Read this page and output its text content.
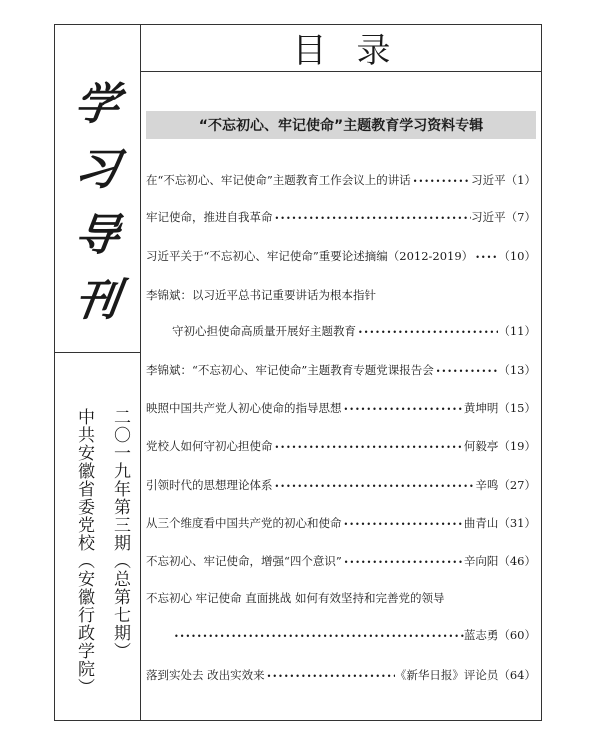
目录
学
习
导
刊
二〇一九年第三期（总第七期）
中共安徽省委党校（安徽行政学院）
“不忘初心、牢记使命”主题教育学习资料专辑
在“不忘初心、牢记使命”主题教育工作会议上的讲话 •••••	习近平 （1）
牢记使命，推进自我革命 •••••	习近平 （7）
习近平关于“不忘初心、牢记使命”重要论述摘编（2012-2019） ••••• （10）
李锦斌：以习近平总书记重要讲话为根本指针
守初心担使命高质量开展好主题教育 •••••	（11）
李锦斌：“不忘初心、牢记使命”主题教育专题党课报告会 •••••	（13）
映照中国共产党人初心使命的指导思想 •••••	黄坤明 （15）
党校人如何守初心担使命 •••••	何毅亭 （19）
引领时代的思想理论体系 •••••	辛鸣 （27）
从三个维度看中国共产党的初心和使命 •••••	曲青山 （31）
不忘初心、牢记使命，增强“四个意识” •••••	辛向阳 （46）
不忘初心 牢记使命 直面挑战 如何有效坚持和完善党的领导
•••••
蓝志勇 （60）
落到实处去 改出实效来 •••••	《新华日报》评论员 （64）
